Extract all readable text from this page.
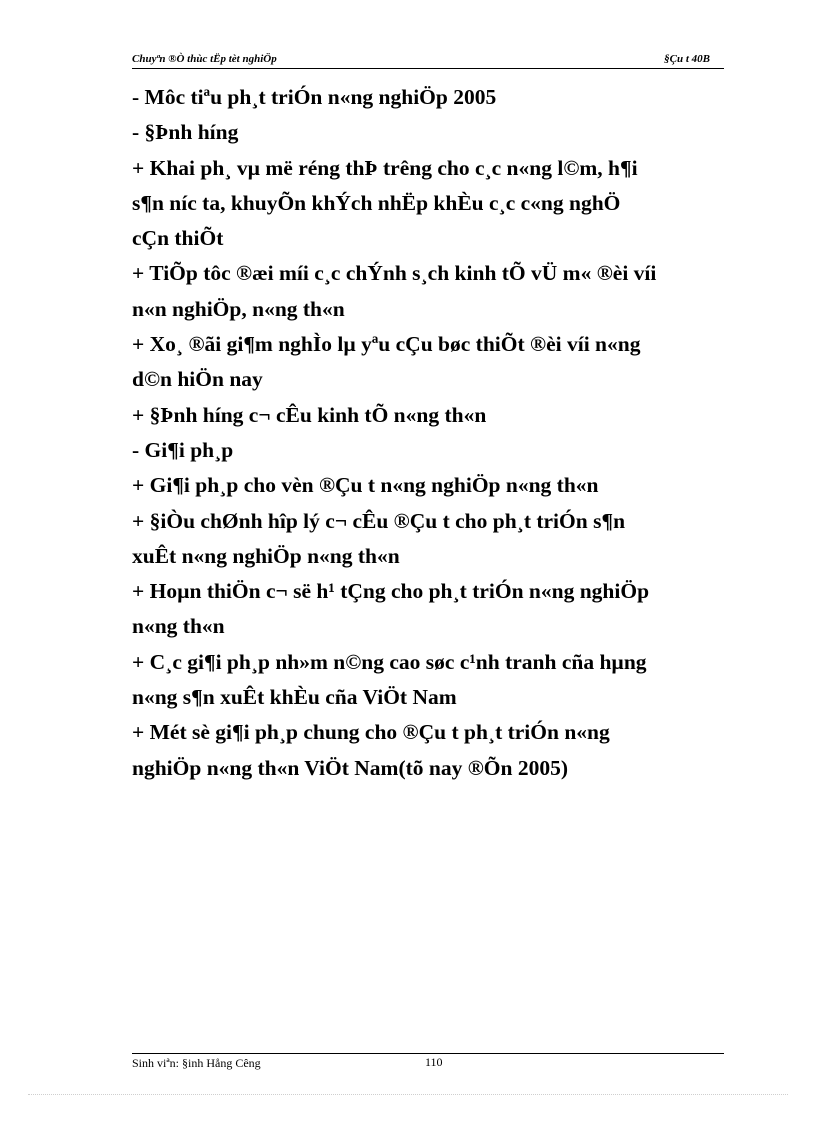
Chuyªn ®Ò thùc tËp tèt nghiÖp	§Çu t 40B
- Môc tiªu ph¸t triÓn n«ng nghiÖp 2005
- §Þnh híng
+ Khai ph¸ vµ më réng thÞ trêng cho c¸c n«ng l©m, h¶i
s¶n níc ta, khuyÕn khÝch nhËp khÈu c¸c c«ng nghÖ
cÇn thiÕt
+ TiÕp tôc ®æi míi c¸c chÝnh s¸ch kinh tÕ vÜ m« ®èi víi
n«n nghiÖp, n«ng th«n
+ Xo¸ ®ãi gi¶m nghÌo lµ yªu cÇu bøc thiÕt ®èi víi n«ng
d©n hiÖn nay
+ §Þnh híng c¬ cÊu kinh tÕ n«ng th«n
- Gi¶i ph¸p
+ Gi¶i ph¸p cho vèn ®Çu t n«ng nghiÖp n«ng th«n
+ §iÒu chØnh hîp lý c¬ cÊu ®Çu t cho ph¸t triÓn s¶n
xuÊt n«ng nghiÖp n«ng th«n
+ Hoµn thiÖn c¬ së h¹ tÇng cho ph¸t triÓn n«ng nghiÖp
n«ng th«n
+ C¸c gi¶i ph¸p nh»m n©ng cao søc c¹nh tranh cña hµng
n«ng s¶n xuÊt khÈu cña ViÖt Nam
+ Mét sè gi¶i ph¸p chung cho ®Çu t ph¸t triÓn n«ng
nghiÖp n«ng th«n ViÖt Nam(tõ nay ®Õn 2005)
Sinh viªn: §inh Hång Cêng	110
